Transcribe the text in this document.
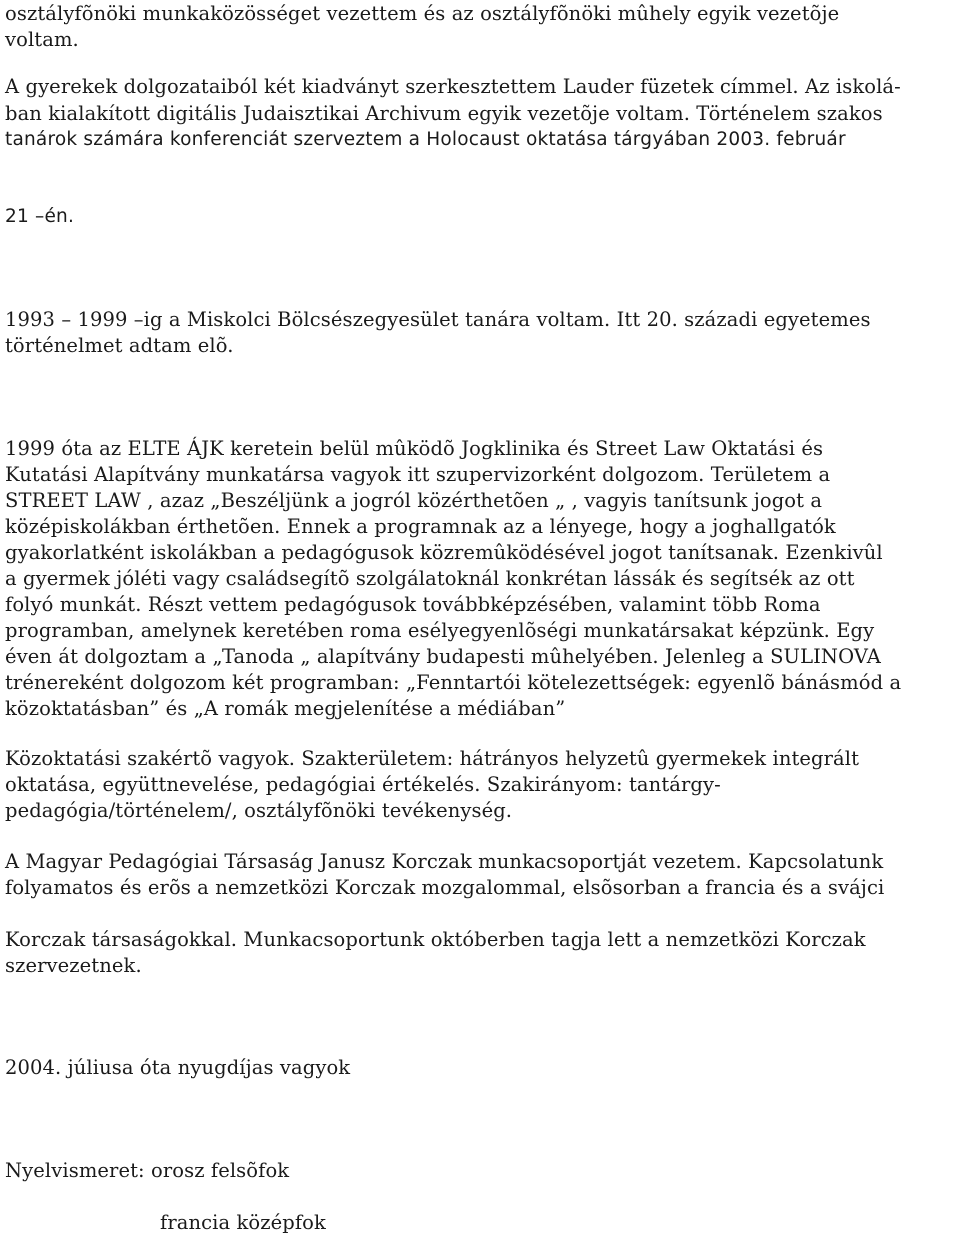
osztályfõnöki munkaközösséget vezettem és az osztályfõnöki mûhely egyik vezetõje
voltam.
A gyerekek dolgozataiból két kiadványt szerkesztettem Lauder füzetek címmel. Az iskolá-
ban kialakított digitális Judaisztikai Archivum egyik vezetõje voltam. Történelem szakos
tanárok számára konferenciát szerveztem a Holocaust oktatása tárgyában 2003. február
21 –én.
1993 – 1999 –ig a Miskolci Bölcsészegyesület tanára voltam. Itt 20. századi egyetemes
történelmet adtam elõ.
1999 óta az ELTE ÁJK keretein belül mûködõ Jogklinika és Street Law Oktatási és
Kutatási Alapítvány munkatársa vagyok itt szupervizorként dolgozom. Területem a
STREET LAW , azaz „Beszéljünk a jogról közérthetõen „ , vagyis tanítsunk jogot a
középiskolákban érthetõen. Ennek a programnak az a lényege, hogy a joghallgatók
gyakorlatként iskolákban a pedagógusok közremûködésével jogot tanítsanak. Ezenkivûl
a gyermek jóléti vagy családsegítõ szolgálatoknál konkrétan lássák és segítsék az ott
folyó munkát. Részt vettem pedagógusok továbbképzésében, valamint több Roma
programban, amelynek keretében roma esélyegyenlõségi munkatársakat képzünk. Egy
éven át dolgoztam a „Tanoda „ alapítvány budapesti mûhelyében. Jelenleg a SULINOVA
trénereként dolgozom két programban: „Fenntartói kötelezettségek: egyenlõ bánásmód a
közoktatásban” és „A romák megjelenítése a médiában”
Közoktatási szakértõ vagyok. Szakterületem: hátrányos helyzetû gyermekek integrált
oktatása, együttnevelése, pedagógiai értékelés. Szakirányom: tantárgy-
pedagógia/történelem/, osztályfõnöki tevékenység.
A Magyar Pedagógiai Társaság Janusz Korczak munkacsoportját vezetem. Kapcsolatunk
folyamatos és erõs a nemzetközi Korczak mozgalommal, elsõsorban a francia és a svájci
Korczak társaságokkal. Munkacsoportunk októberben tagja lett a nemzetközi Korczak
szervezetnek.
2004. júliusa óta nyugdíjas vagyok
Nyelvismeret: orosz felsõfok
francia középfok
